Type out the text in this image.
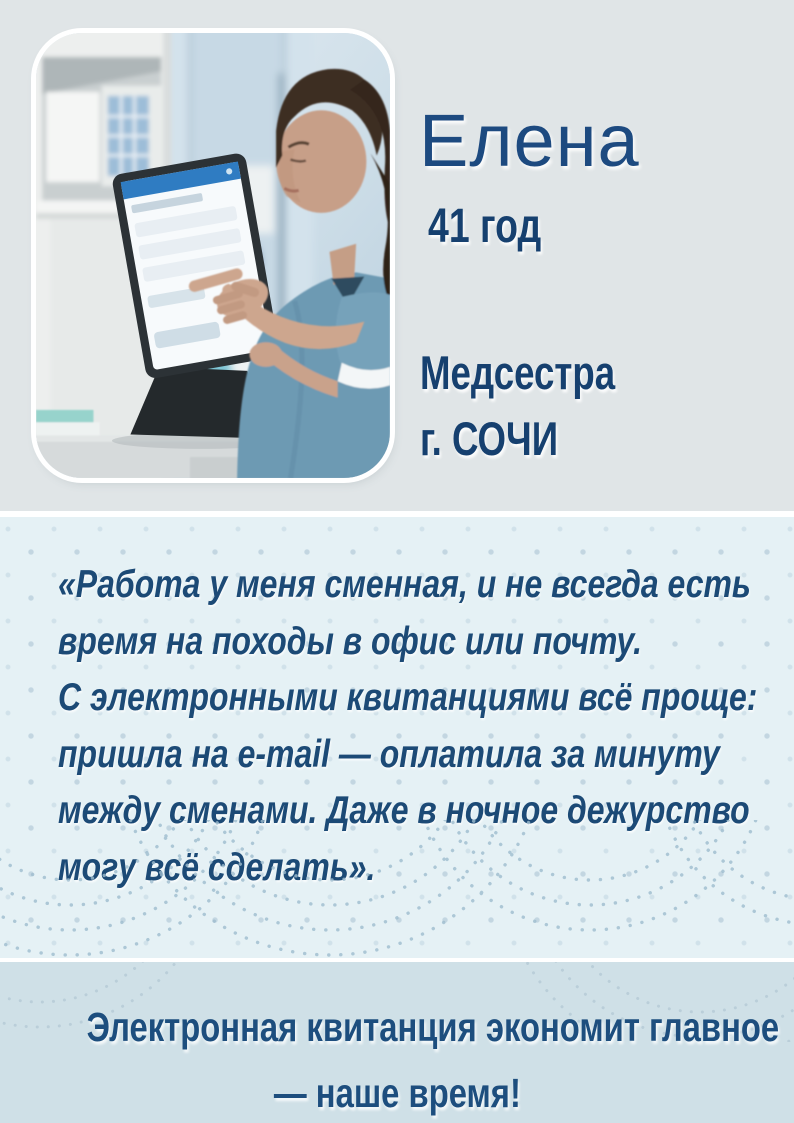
Елена
41 год
Медсестра
г. СОЧИ
«Работа у меня сменная, и не всегда есть
время на походы в офис или почту.
С электронными квитанциями всё проще:
пришла на e-mail — оплатила за минуту
между сменами. Даже в ночное дежурство
могу всё сделать».
Электронная квитанция экономит главное
— наше время!
